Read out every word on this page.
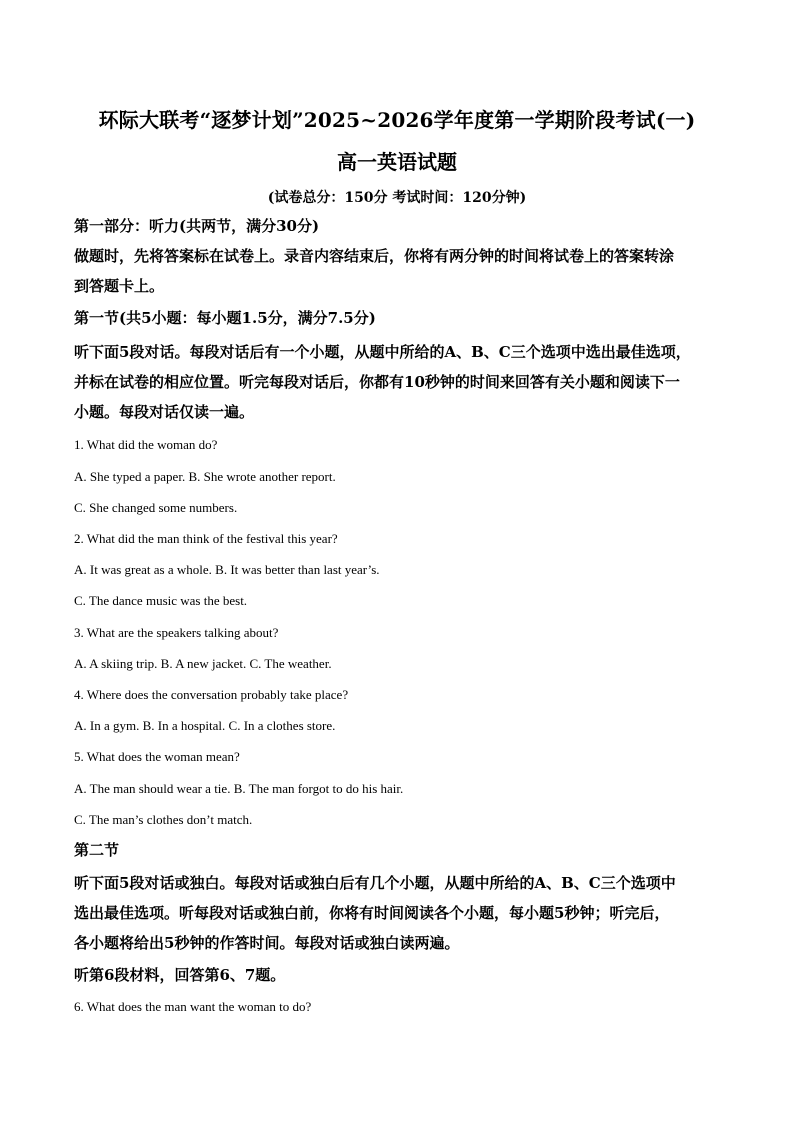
环际大联考“逐梦计划”2025~2026学年度第一学期阶段考试(一)
高一英语试题
(试卷总分：150分 考试时间：120分钟)
第一部分：听力(共两节，满分30分)
做题时，先将答案标在试卷上。录音内容结束后，你将有两分钟的时间将试卷上的答案转涂
到答题卡上。
第一节(共5小题：每小题1.5分，满分7.5分)
听下面5段对话。每段对话后有一个小题，从题中所给的A、B、C三个选项中选出最佳选项，
并标在试卷的相应位置。听完每段对话后，你都有10秒钟的时间来回答有关小题和阅读下一
小题。每段对话仅读一遍。
1. What did the woman do?
A. She typed a paper. B. She wrote another report.
C. She changed some numbers.
2. What did the man think of the festival this year?
A. It was great as a whole. B. It was better than last year’s.
C. The dance music was the best.
3. What are the speakers talking about?
A. A skiing trip. B. A new jacket. C. The weather.
4. Where does the conversation probably take place?
A. In a gym. B. In a hospital. C. In a clothes store.
5. What does the woman mean?
A. The man should wear a tie. B. The man forgot to do his hair.
C. The man’s clothes don’t match.
第二节
听下面5段对话或独白。每段对话或独白后有几个小题，从题中所给的A、B、C三个选项中
选出最佳选项。听每段对话或独白前，你将有时间阅读各个小题，每小题5秒钟；听完后，
各小题将给出5秒钟的作答时间。每段对话或独白读两遍。
听第6段材料，回答第6、7题。
6. What does the man want the woman to do?
